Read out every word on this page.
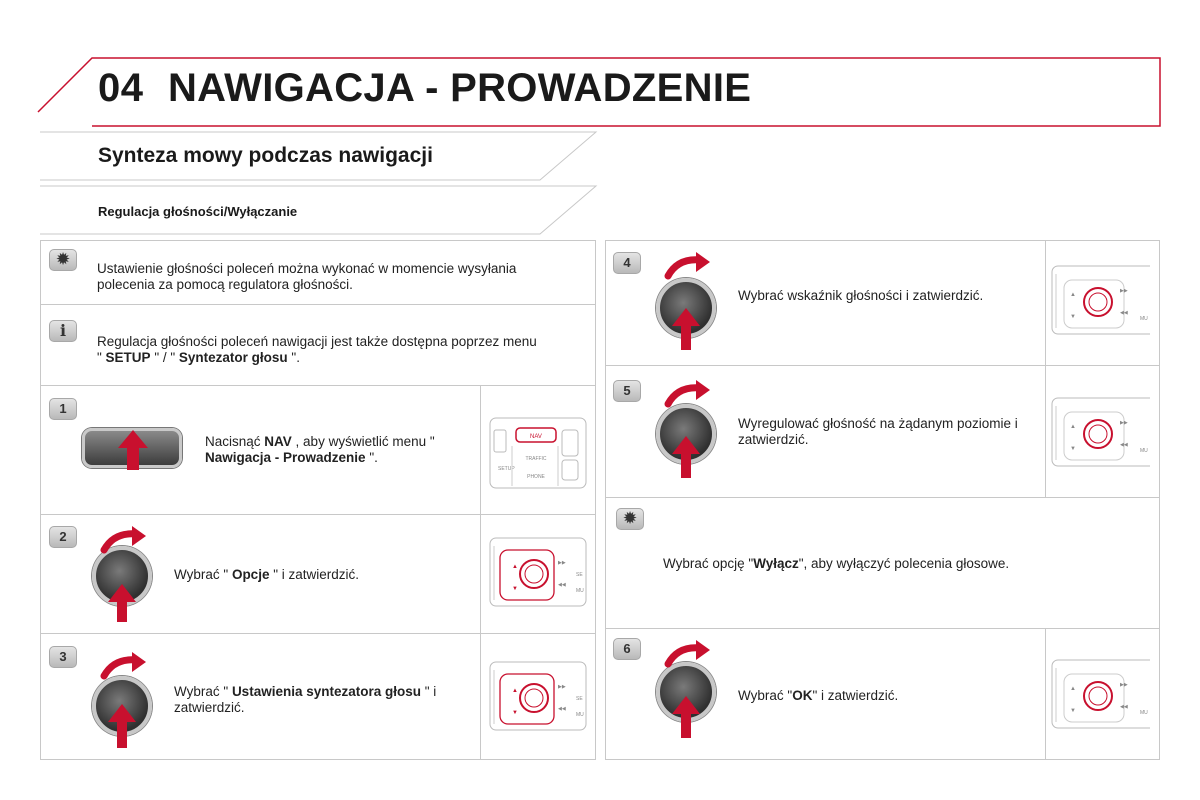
04 NAWIGACJA - PROWADZENIE
Synteza mowy podczas nawigacji
Regulacja głośności/Wyłączanie
✹
Ustawienie głośności poleceń można wykonać w momencie wysyłania polecenia za pomocą regulatora głośności.
i
Regulacja głośności poleceń nawigacji jest także dostępna poprzez menu " SETUP " / " Syntezator głosu ".
1
Nacisnąć NAV , aby wyświetlić menu " Nawigacja - Prowadzenie ".
NAV
TRAFFIC
PHONE
SETUP
2
Wybrać " Opcje " i zatwierdzić.	▲
▼
▶▶
◀◀
SE
MU
3
Wybrać " Ustawienia syntezatora głosu " i zatwierdzić.
▲
▼
▶▶
◀◀
SE
MU
4
Wybrać wskaźnik głośności i zatwierdzić.	▲
▼
▶▶
◀◀
MU
5
Wyregulować głośność na żądanym poziomie i zatwierdzić.
▲
▼
▶▶
◀◀
MU
✹
Wybrać opcję "Wyłącz", aby wyłączyć polecenia głosowe.
6
Wybrać "OK" i zatwierdzić.	▲
▼
▶▶
◀◀
MU
